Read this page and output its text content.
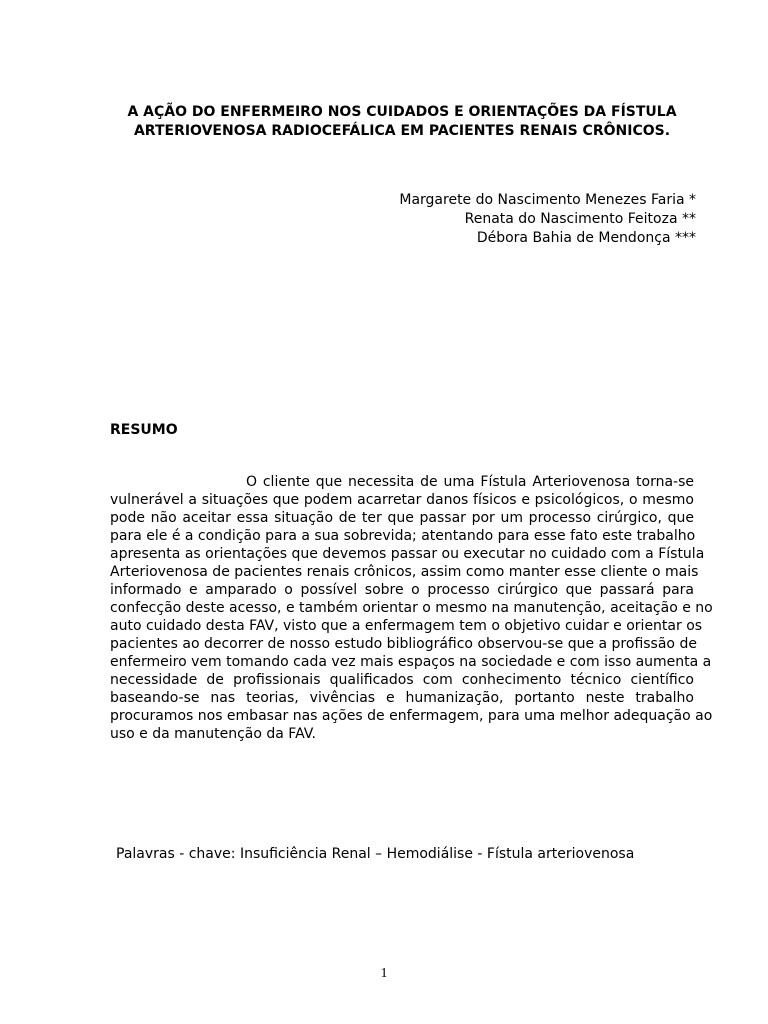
A AÇÃO DO ENFERMEIRO NOS CUIDADOS E ORIENTAÇÕES DA FÍSTULA
ARTERIOVENOSA RADIOCEFÁLICA EM PACIENTES RENAIS CRÔNICOS.
Margarete do Nascimento Menezes Faria *
Renata do Nascimento Feitoza **
Débora Bahia de Mendonça ***
RESUMO
O cliente que necessita de uma Fístula Arteriovenosa torna-se
vulnerável a situações que podem acarretar danos físicos e psicológicos, o mesmo
pode não aceitar essa situação de ter que passar por um processo cirúrgico, que
para ele é a condição para a sua sobrevida; atentando para esse fato este trabalho
apresenta as orientações que devemos passar ou executar no cuidado com a Fístula
Arteriovenosa de pacientes renais crônicos, assim como manter esse cliente o mais
informado e amparado o possível sobre o processo cirúrgico que passará para
confecção deste acesso, e também orientar o mesmo na manutenção, aceitação e no
auto cuidado desta FAV, visto que a enfermagem tem o objetivo cuidar e orientar os
pacientes ao decorrer de nosso estudo bibliográfico observou-se que a profissão de
enfermeiro vem tomando cada vez mais espaços na sociedade e com isso aumenta a
necessidade de profissionais qualificados com conhecimento técnico científico
baseando-se nas teorias, vivências e humanização, portanto neste trabalho
procuramos nos embasar nas ações de enfermagem, para uma melhor adequação ao
uso e da manutenção da FAV.
Palavras - chave: Insuficiência Renal – Hemodiálise - Fístula arteriovenosa
1
